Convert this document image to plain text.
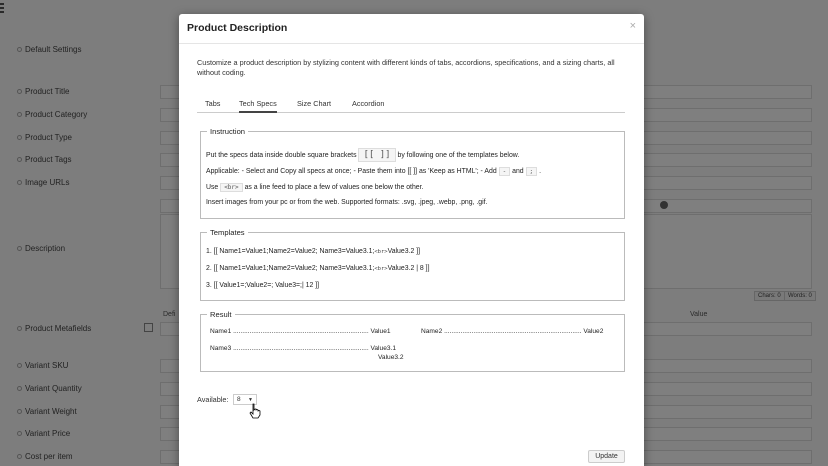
Product Description	×
Customize a product description by stylizing content with different kinds of tabs, accordions, specifications, and a sizing charts, all without coding.
Tabs	Tech Specs	Size Chart	Accordion
Instruction
Put the specs data inside double square brackets [[ ]] by following one of the templates below.
Applicable: - Select and Copy all specs at once; - Paste them into [[ ]] as 'Keep as HTML'; - Add - and ; .
Use <br> as a line feed to place a few of values one below the other.
Insert images from your pc or from the web. Supported formats: .svg, .jpeg, .webp, .png, .gif.
Templates
1. [[ Name1=Value1;Name2=Value2; Name3=Value3.1;<br>Value3.2 ]]
2. [[ Name1=Value1;Name2=Value2; Name3=Value3.1;<br>Value3.2 | 8 ]]
3. [[ Value1=;Value2=; Value3=;| 12 ]]
Result
Name1 .......................................................................... Value1	Name2 ........................................................................... Value2
Name3 .......................................................................... Value3.1
Value3.2
Available:	8 ▼
Update
